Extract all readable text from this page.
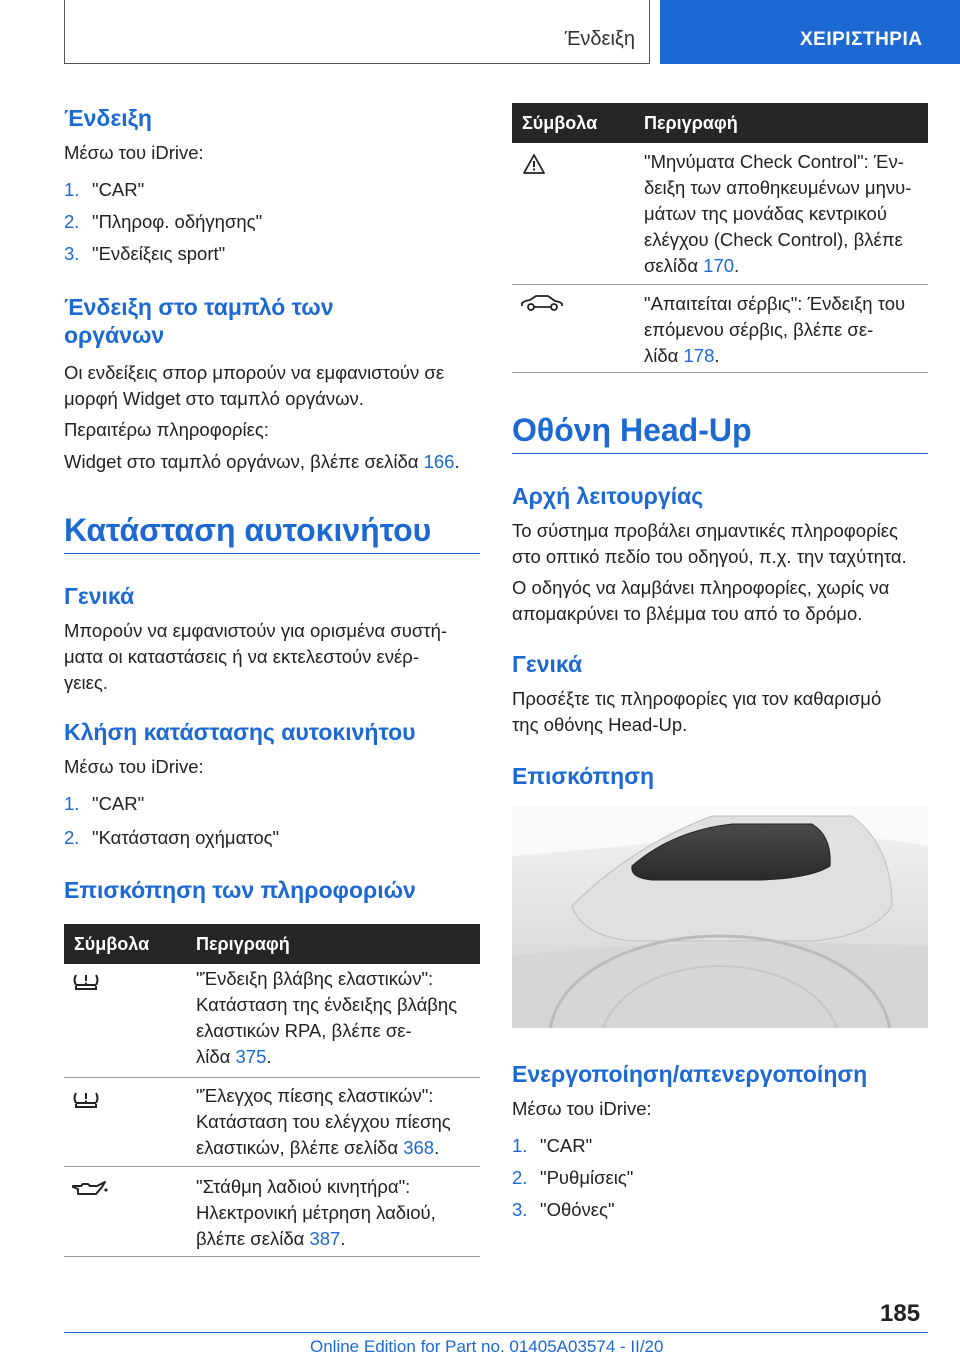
Ένδειξη	ΧΕΙΡΙΣΤΗΡΙΑ
Ένδειξη
Μέσω του iDrive:
1. "CAR"
2. "Πληροφ. οδήγησης"
3. "Ενδείξεις sport"
Ένδειξη στο ταμπλό των
οργάνων
Οι ενδείξεις σπορ μπορούν να εμφανιστούν σε
μορφή Widget στο ταμπλό οργάνων.
Περαιτέρω πληροφορίες:
Widget στο ταμπλό οργάνων, βλέπε σελίδα 166.
Κατάσταση αυτοκινήτου
Γενικά
Μπορούν να εμφανιστούν για ορισμένα συστή-
ματα οι καταστάσεις ή να εκτελεστούν ενέρ-
γειες.
Κλήση κατάστασης αυτοκινήτου
Μέσω του iDrive:
1. "CAR"
2. "Κατάσταση οχήματος"
Επισκόπηση των πληροφοριών
Σύμβολα	Περιγραφή
"Ένδειξη βλάβης ελαστικών":
Κατάσταση της ένδειξης βλάβης
ελαστικών RPA, βλέπε σε-
λίδα 375.
"Έλεγχος πίεσης ελαστικών":
Κατάσταση του ελέγχου πίεσης
ελαστικών, βλέπε σελίδα 368.
"Στάθμη λαδιού κινητήρα":
Ηλεκτρονική μέτρηση λαδιού,
βλέπε σελίδα 387.
Σύμβολα	Περιγραφή
"Μηνύματα Check Control": Έν-
δειξη των αποθηκευμένων μηνυ-
μάτων της μονάδας κεντρικού
ελέγχου (Check Control), βλέπε
σελίδα 170.
"Απαιτείται σέρβις": Ένδειξη του
επόμενου σέρβις, βλέπε σε-
λίδα 178.
Οθόνη Head-Up
Αρχή λειτουργίας
Το σύστημα προβάλει σημαντικές πληροφορίες
στο οπτικό πεδίο του οδηγού, π.χ. την ταχύτητα.
Ο οδηγός να λαμβάνει πληροφορίες, χωρίς να
απομακρύνει το βλέμμα του από το δρόμο.
Γενικά
Προσέξτε τις πληροφορίες για τον καθαρισμό
της οθόνης Head-Up.
Επισκόπηση
Ενεργοποίηση/απενεργοποίηση
Μέσω του iDrive:
1. "CAR"
2. "Ρυθμίσεις"
3. "Οθόνες"
185
Online Edition for Part no. 01405A03574 - II/20
